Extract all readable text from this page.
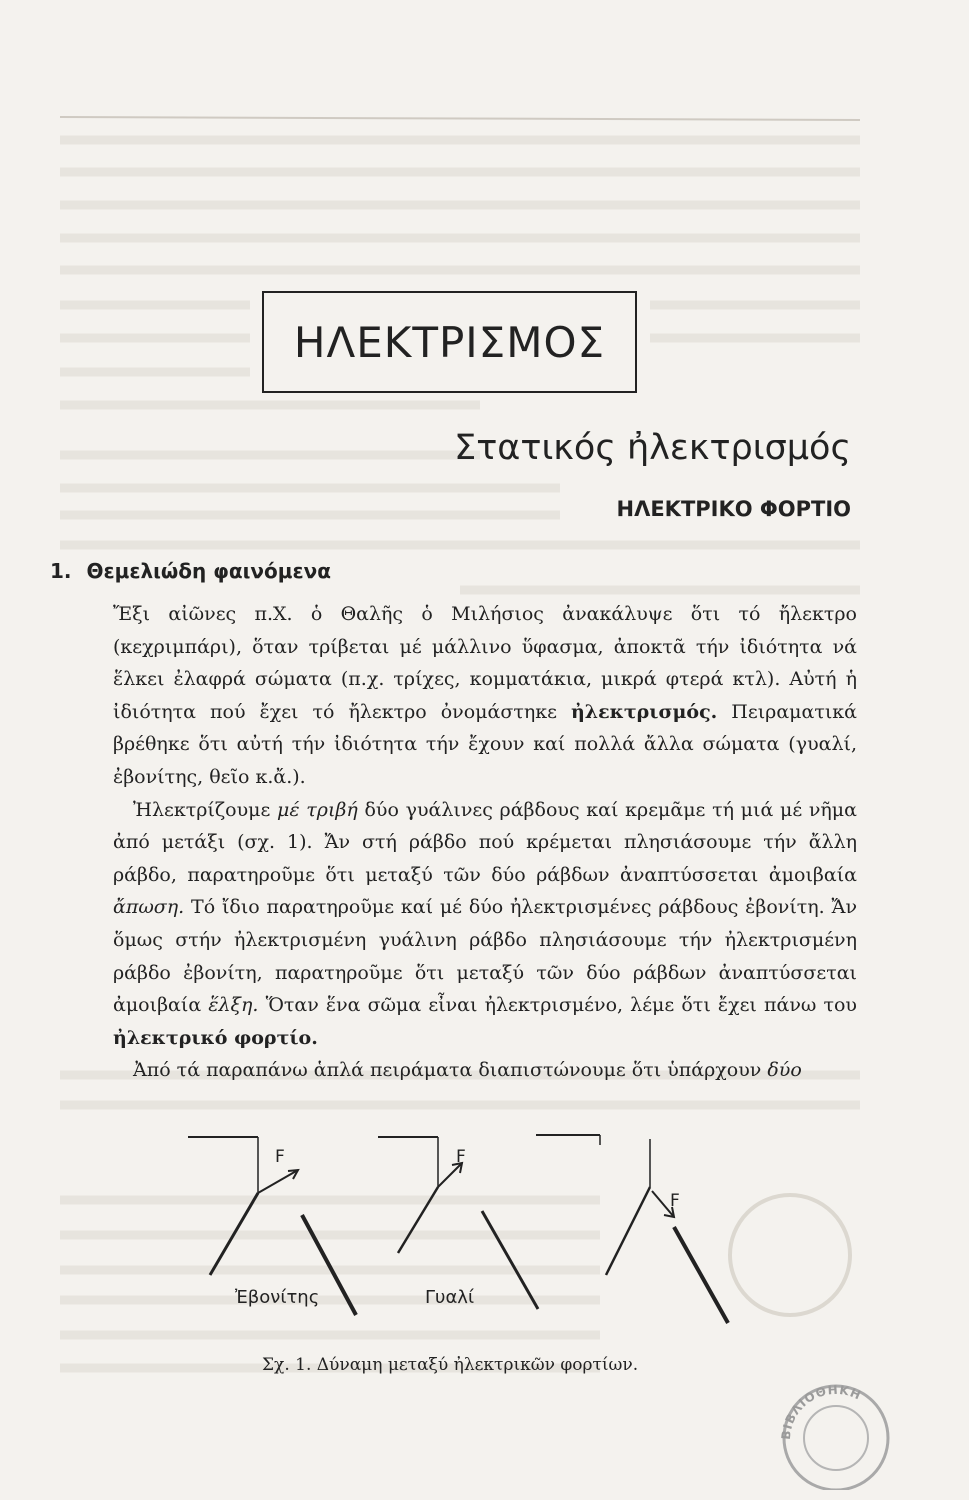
ΗΛΕΚΤΡΙΣΜΟΣ
Στατικός ἠλεκτρισμός
ΗΛΕΚΤΡΙΚΟ ΦΟΡΤΙΟ
1. Θεμελιώδη φαινόμενα

Ἔξι αἰῶνες π.Χ. ὁ Θαλῆς ὁ Μιλήσιος ἀνακάλυψε ὅτι τό ἤλεκτρο (κεχριμπάρι), ὅταν τρίβεται μέ μάλλινο ὕφασμα, ἀποκτᾶ τήν ἰδιότητα νά ἕλκει ἐλαφρά σώματα (π.χ. τρίχες, κομματάκια, μικρά φτερά κτλ). Αὐτή ἡ ἰδιότητα πού ἔχει τό ἤλεκτρο ὀνομάστηκε ἠλεκτρισμός. Πειραματικά βρέθηκε ὅτι αὐτή τήν ἰδιότητα τήν ἔχουν καί πολλά ἄλλα σώματα (γυαλί, ἐβονίτης, θεῖο κ.ἄ.).

Ἠλεκτρίζουμε μέ τριβή δύο γυάλινες ράβδους καί κρεμᾶμε τή μιά μέ νῆμα ἀπό μετάξι (σχ. 1). Ἄν στή ράβδο πού κρέμεται πλησιάσουμε τήν ἄλλη ράβδο, παρατηροῦμε ὅτι μεταξύ τῶν δύο ράβδων ἀναπτύσσεται ἀμοιβαία ἄπωση. Τό ἴδιο παρατηροῦμε καί μέ δύο ἠλεκτρισμένες ράβδους ἐβονίτη. Ἄν ὅμως στήν ἠλεκτρισμένη γυάλινη ράβδο πλησιάσουμε τήν ἠλεκτρισμένη ράβδο ἐβονίτη, παρατηροῦμε ὅτι μεταξύ τῶν δύο ράβδων ἀναπτύσσεται ἀμοιβαία ἕλξη. Ὅταν ἕνα σῶμα εἶναι ἠλεκτρισμένο, λέμε ὅτι ἔχει πάνω του ἠλεκτρικό φορτίο.

Ἀπό τά παραπάνω ἁπλά πειράματα διαπιστώνουμε ὅτι ὑπάρχουν δύο

F	F
F
Ἐβονίτης	Γυαλί
Σχ. 1. Δύναμη μεταξύ ἠλεκτρικῶν φορτίων.
ΒΙΒΛΙΟΘΗΚΗ
